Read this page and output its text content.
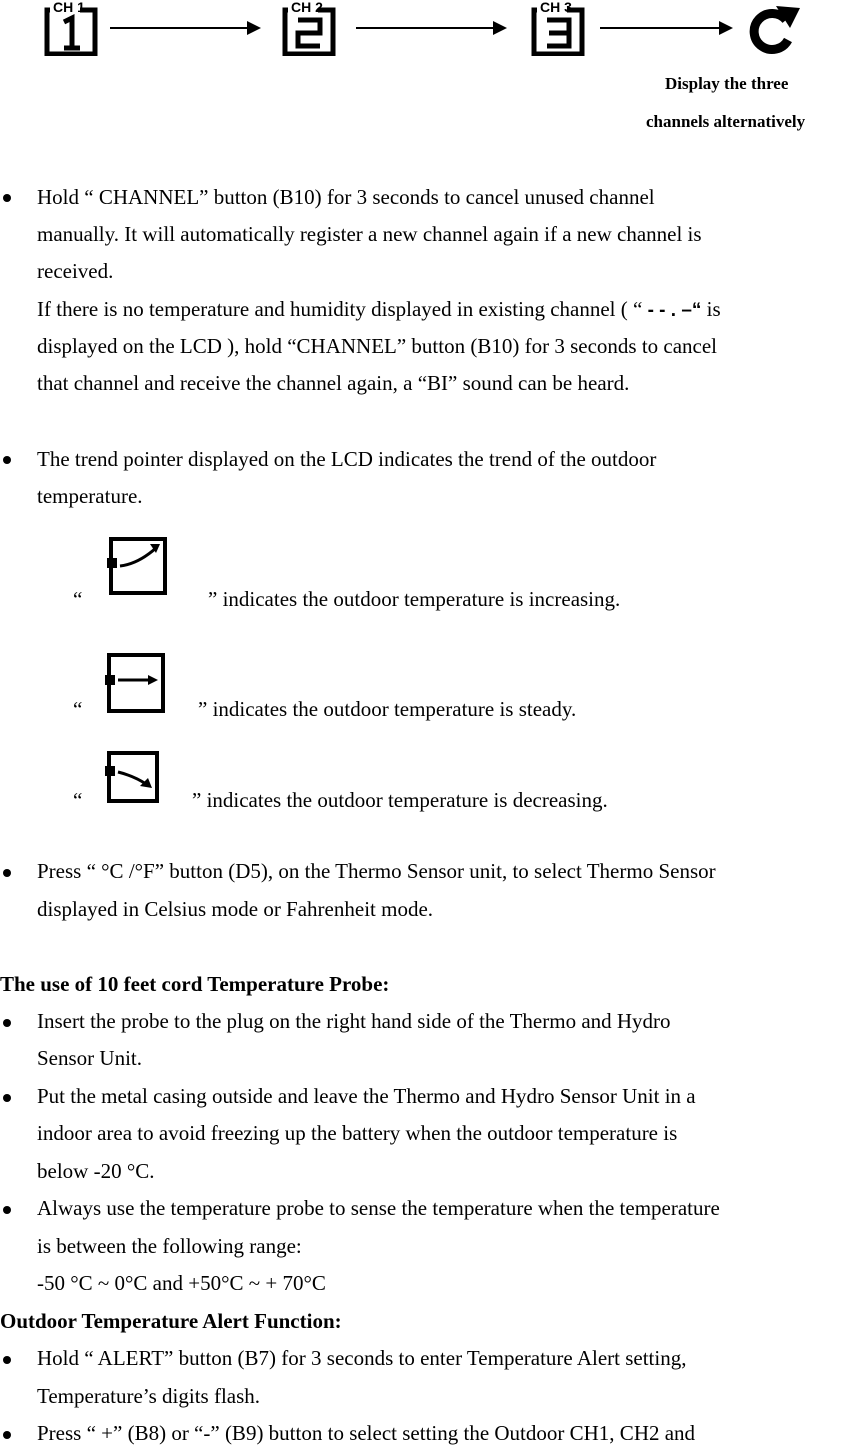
CH 1	CH 2	CH 3
Display the three
channels alternatively
Hold “ CHANNEL” button (B10) for 3 seconds to cancel unused channel
manually. It will automatically register a new channel again if a new channel is
received.
If there is no temperature and humidity displayed in existing channel ( “ - - . –“ is
displayed on the LCD ), hold “CHANNEL” button (B10) for 3 seconds to cancel
that channel and receive the channel again, a “BI” sound can be heard.
The trend pointer displayed on the LCD indicates the trend of the outdoor
temperature.
“	” indicates the outdoor temperature is increasing.
“	” indicates the outdoor temperature is steady.
“	” indicates the outdoor temperature is decreasing.
Press “ °C /°F” button (D5), on the Thermo Sensor unit, to select Thermo Sensor
displayed in Celsius mode or Fahrenheit mode.
The use of 10 feet cord Temperature Probe:
Insert the probe to the plug on the right hand side of the Thermo and Hydro
Sensor Unit.
Put the metal casing outside and leave the Thermo and Hydro Sensor Unit in a
indoor area to avoid freezing up the battery when the outdoor temperature is
below -20 °C.
Always use the temperature probe to sense the temperature when the temperature
is between the following range:
-50 °C ~ 0°C and +50°C ~ + 70°C
Outdoor Temperature Alert Function:
Hold “ ALERT” button (B7) for 3 seconds to enter Temperature Alert setting,
Temperature’s digits flash.
Press “ +” (B8) or “-” (B9) button to select setting the Outdoor CH1, CH2 and
